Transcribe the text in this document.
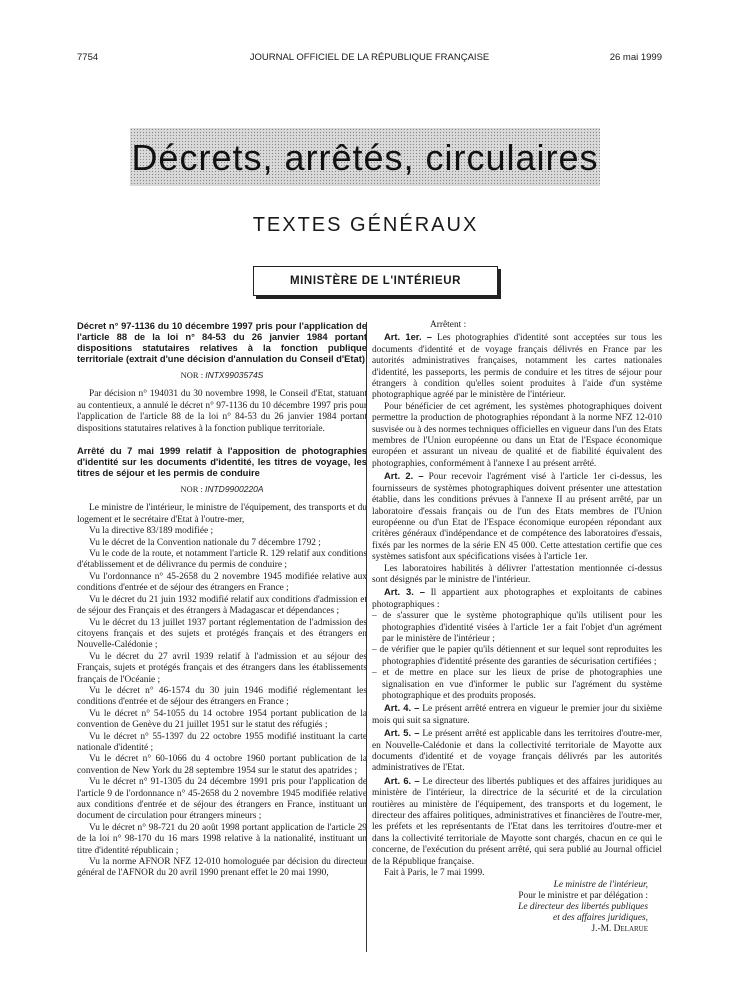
7754	JOURNAL OFFICIEL DE LA RÉPUBLIQUE FRANÇAISE	26 mai 1999
Décrets, arrêtés, circulaires
TEXTES GÉNÉRAUX
MINISTÈRE DE L'INTÉRIEUR
Décret n° 97-1136 du 10 décembre 1997 pris pour l'application de l'article 88 de la loi n° 84-53 du 26 janvier 1984 portant dispositions statutaires relatives à la fonction publique territoriale (extrait d'une décision d'annulation du Conseil d'Etat)
NOR : INTX9903574S

Par décision n° 194031 du 30 novembre 1998, le Conseil d'Etat, statuant au contentieux, a annulé le décret n° 97-1136 du 10 décembre 1997 pris pour l'application de l'article 88 de la loi n° 84-53 du 26 janvier 1984 portant dispositions statutaires relatives à la fonction publique territoriale.

Arrêté du 7 mai 1999 relatif à l'apposition de photographies d'identité sur les documents d'identité, les titres de voyage, les titres de séjour et les permis de conduire
NOR : INTD9900220A

Le ministre de l'intérieur, le ministre de l'équipement, des transports et du logement et le secrétaire d'Etat à l'outre-mer,

Vu la directive 83/189 modifiée ;

Vu le décret de la Convention nationale du 7 décembre 1792 ;

Vu le code de la route, et notamment l'article R. 129 relatif aux conditions d'établissement et de délivrance du permis de conduire ;

Vu l'ordonnance n° 45-2658 du 2 novembre 1945 modifiée relative aux conditions d'entrée et de séjour des étrangers en France ;

Vu le décret du 21 juin 1932 modifié relatif aux conditions d'admission et de séjour des Français et des étrangers à Madagascar et dépendances ;

Vu le décret du 13 juillet 1937 portant réglementation de l'admission des citoyens français et des sujets et protégés français et des étrangers en Nouvelle-Calédonie ;

Vu le décret du 27 avril 1939 relatif à l'admission et au séjour des Français, sujets et protégés français et des étrangers dans les établissements français de l'Océanie ;

Vu le décret n° 46-1574 du 30 juin 1946 modifié réglementant les conditions d'entrée et de séjour des étrangers en France ;

Vu le décret n° 54-1055 du 14 octobre 1954 portant publication de la convention de Genève du 21 juillet 1951 sur le statut des réfugiés ;

Vu le décret n° 55-1397 du 22 octobre 1955 modifié instituant la carte nationale d'identité ;

Vu le décret n° 60-1066 du 4 octobre 1960 portant publication de la convention de New York du 28 septembre 1954 sur le statut des apatrides ;

Vu le décret n° 91-1305 du 24 décembre 1991 pris pour l'application de l'article 9 de l'ordonnance n° 45-2658 du 2 novembre 1945 modifiée relative aux conditions d'entrée et de séjour des étrangers en France, instituant un document de circulation pour étrangers mineurs ;

Vu le décret n° 98-721 du 20 août 1998 portant application de l'article 29 de la loi n° 98-170 du 16 mars 1998 relative à la nationalité, instituant un titre d'identité républicain ;

Vu la norme AFNOR NFZ 12-010 homologuée par décision du directeur général de l'AFNOR du 20 avril 1990 prenant effet le 20 mai 1990,

Arrêtent :

Art. 1er. – Les photographies d'identité sont acceptées sur tous les documents d'identité et de voyage français délivrés en France par les autorités administratives françaises, notamment les cartes nationales d'identité, les passeports, les permis de conduire et les titres de séjour pour étrangers à condition qu'elles soient produites à l'aide d'un système photographique agréé par le ministère de l'intérieur.

Pour bénéficier de cet agrément, les systèmes photographiques doivent permettre la production de photographies répondant à la norme NFZ 12-010 susvisée ou à des normes techniques officielles en vigueur dans l'un des Etats membres de l'Union européenne ou dans un Etat de l'Espace économique européen et assurant un niveau de qualité et de fiabilité équivalent des photographies, conformément à l'annexe I au présent arrêté.

Art. 2. – Pour recevoir l'agrément visé à l'article 1er ci-dessus, les fournisseurs de systèmes photographiques doivent présenter une attestation établie, dans les conditions prévues à l'annexe II au présent arrêté, par un laboratoire d'essais français ou de l'un des Etats membres de l'Union européenne ou d'un Etat de l'Espace économique européen répondant aux critères généraux d'indépendance et de compétence des laboratoires d'essais, fixés par les normes de la série EN 45 000. Cette attestation certifie que ces systèmes satisfont aux spécifications visées à l'article 1er.

Les laboratoires habilités à délivrer l'attestation mentionnée ci-dessus sont désignés par le ministre de l'intérieur.

Art. 3. – Il appartient aux photographes et exploitants de cabines photographiques :

– de s'assurer que le système photographique qu'ils utilisent pour les photographies d'identité visées à l'article 1er a fait l'objet d'un agrément par le ministère de l'intérieur ;
– de vérifier que le papier qu'ils détiennent et sur lequel sont reproduites les photographies d'identité présente des garanties de sécurisation certifiées ;
– et de mettre en place sur les lieux de prise de photographies une signalisation en vue d'informer le public sur l'agrément du système photographique et des produits proposés.

Art. 4. – Le présent arrêté entrera en vigueur le premier jour du sixième mois qui suit sa signature.

Art. 5. – Le présent arrêté est applicable dans les territoires d'outre-mer, en Nouvelle-Calédonie et dans la collectivité territoriale de Mayotte aux documents d'identité et de voyage français délivrés par les autorités administratives de l'Etat.

Art. 6. – Le directeur des libertés publiques et des affaires juridiques au ministère de l'intérieur, la directrice de la sécurité et de la circulation routières au ministère de l'équipement, des transports et du logement, le directeur des affaires politiques, administratives et financières de l'outre-mer, les préfets et les représentants de l'Etat dans les territoires d'outre-mer et dans la collectivité territoriale de Mayotte sont chargés, chacun en ce qui le concerne, de l'exécution du présent arrêté, qui sera publié au Journal officiel de la République française.

Fait à Paris, le 7 mai 1999.

Le ministre de l'intérieur,
Pour le ministre et par délégation :
Le directeur des libertés publiques
et des affaires juridiques,
J.-M. Delarue
